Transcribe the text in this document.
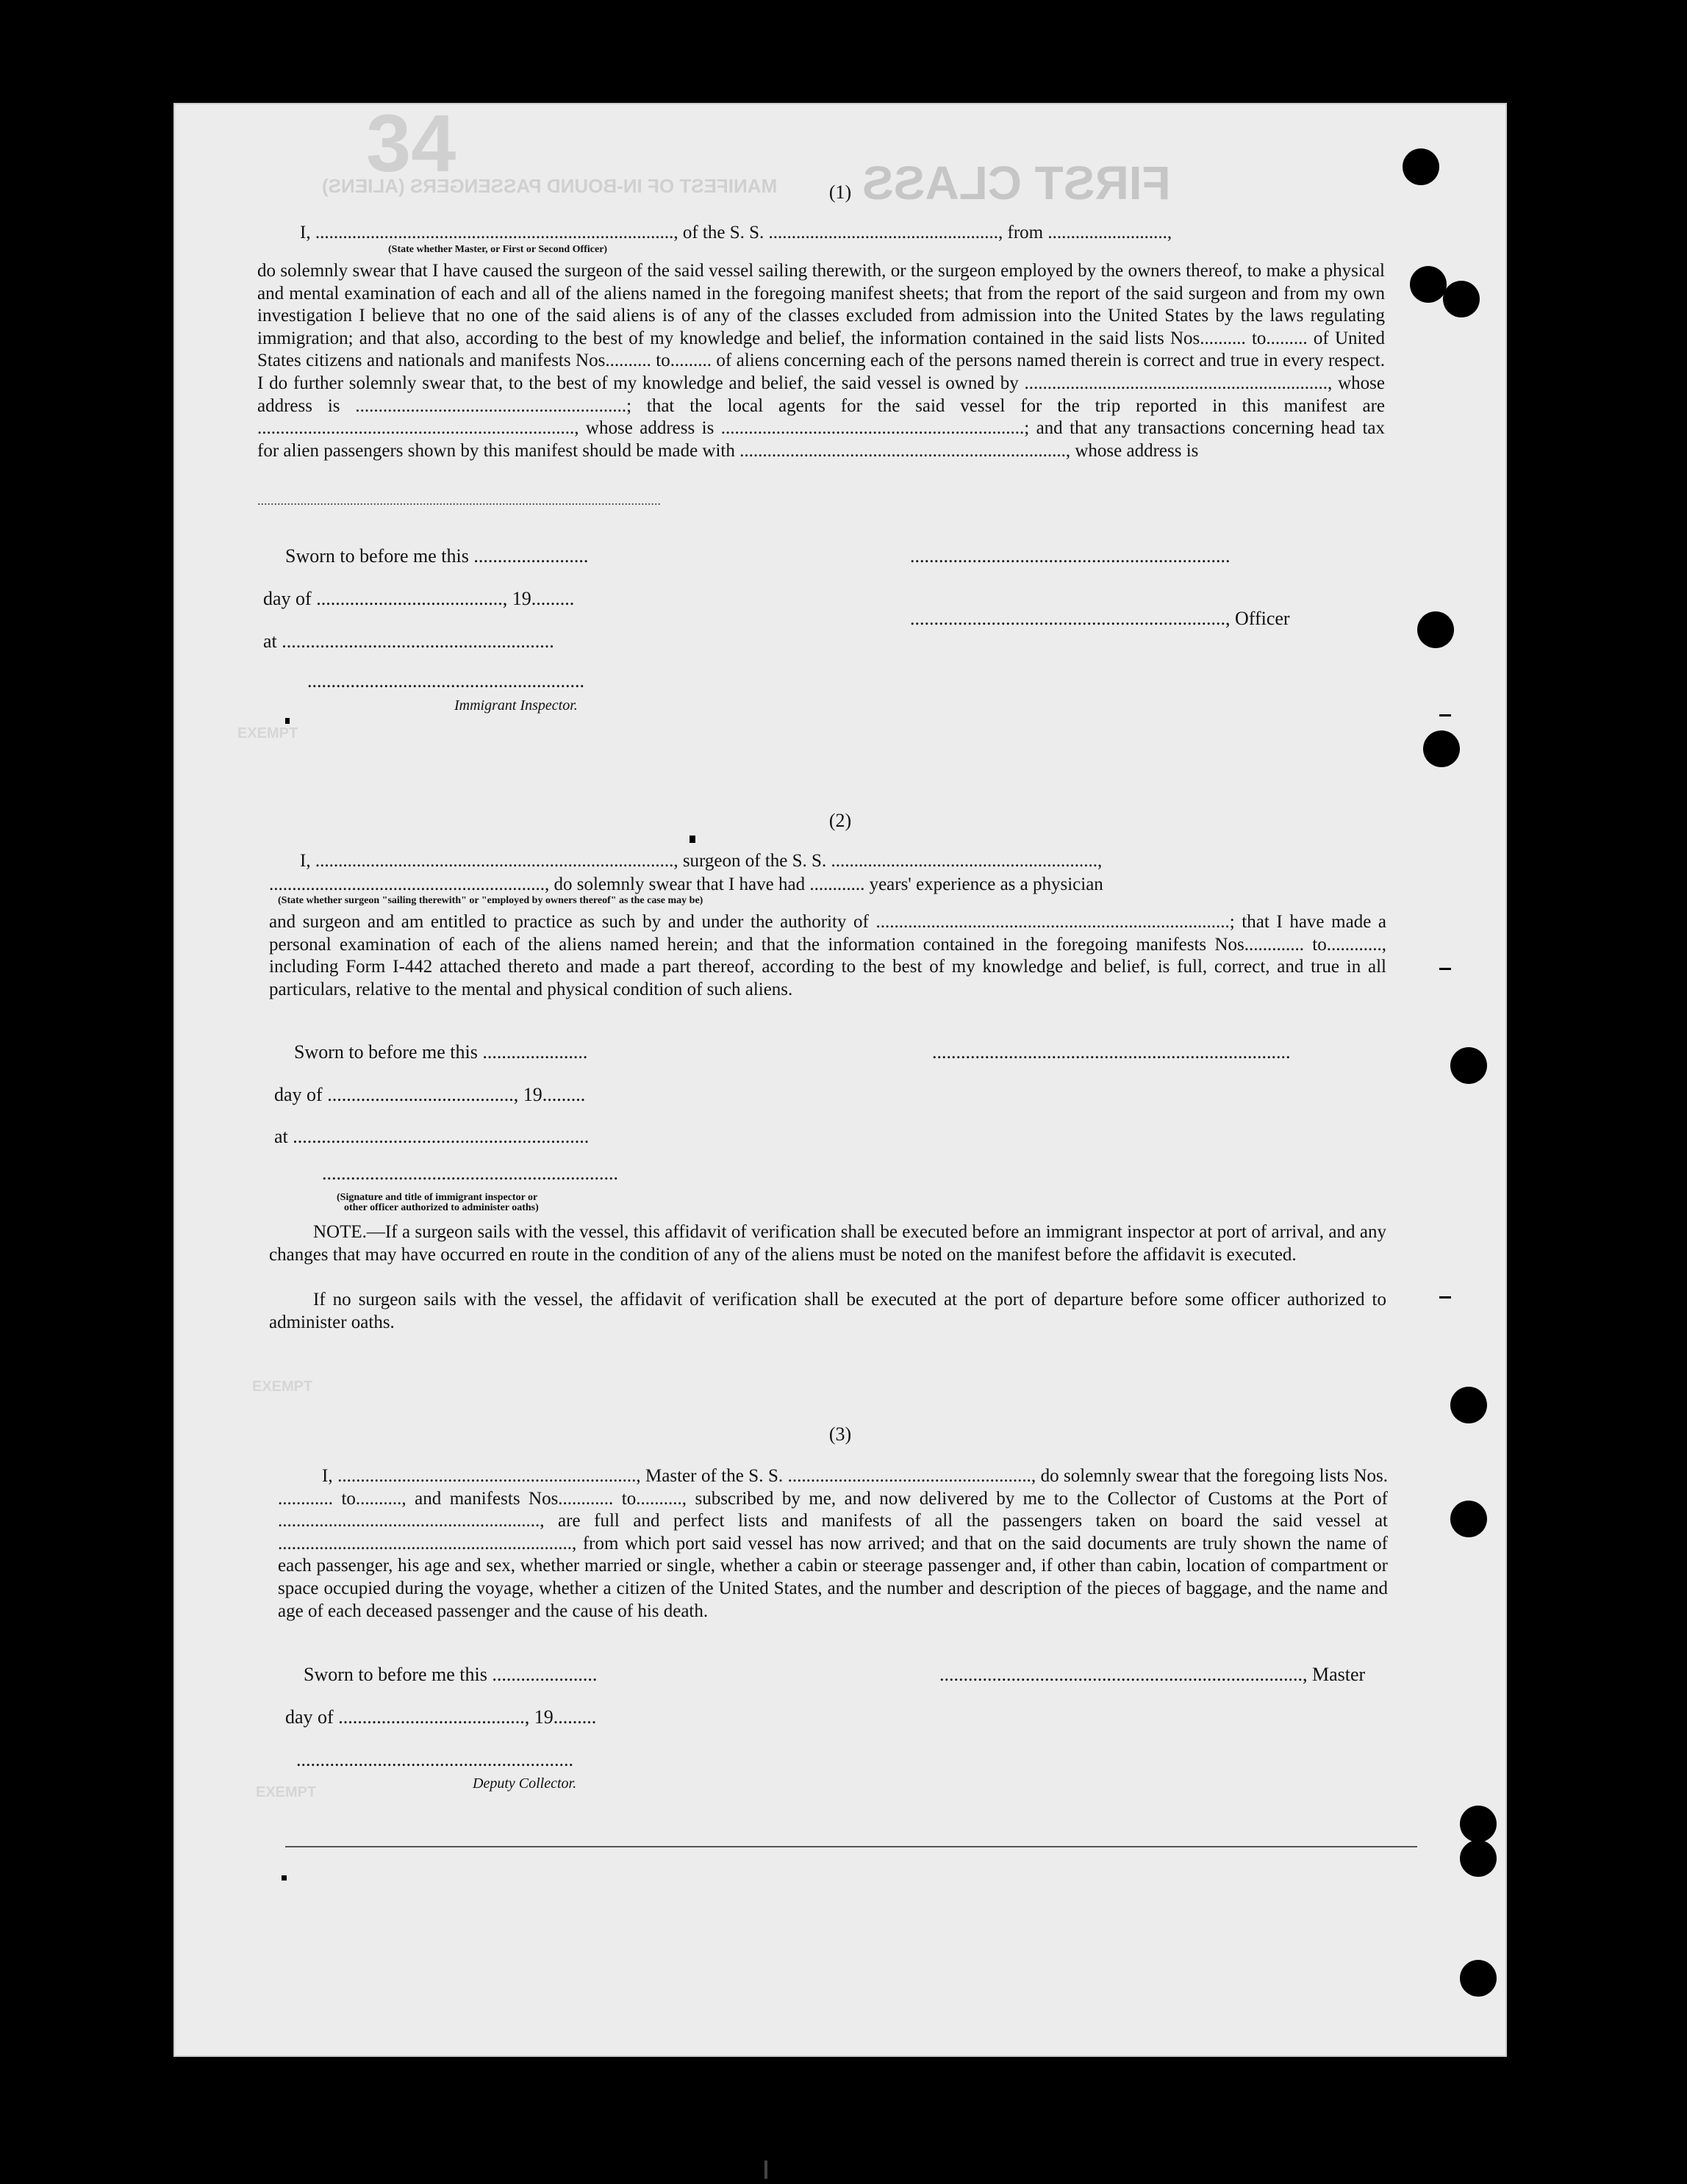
34	FIRST CLASS
MANIFEST OF IN-BOUND PASSENGERS (ALIENS)
EXEMPT
EXEMPT
EXEMPT
(1)
I, .............................................................................., of the S. S. .................................................., from ..........................,
(State whether Master, or First or Second Officer)
do solemnly swear that I have caused the surgeon of the said vessel sailing therewith, or the surgeon employed by the owners thereof, to make a physical and mental examination of each and all of the aliens named in the foregoing manifest sheets; that from the report of the said surgeon and from my own investigation I believe that no one of the said aliens is of any of the classes excluded from admission into the United States by the laws regulating immigration; and that also, according to the best of my knowledge and belief, the information contained in the said lists Nos.......... to......... of United States citizens and nationals and manifests Nos.......... to......... of aliens concerning each of the persons named therein is correct and true in every respect. I do further solemnly swear that, to the best of my knowledge and belief, the said vessel is owned by .................................................................., whose address is ...........................................................; that the local agents for the said vessel for the trip reported in this manifest are ....................................................................., whose address is ..................................................................; and that any transactions concerning head tax for alien passengers shown by this manifest should be made with ......................................................................., whose address is
..........................................................................................................................
Sworn to before me this ........................
day of ......................................., 19.........
at .........................................................
..........................................................
Immigrant Inspector.
...................................................................
.................................................................., Officer
(2)
I, .............................................................................., surgeon of the S. S. ..........................................................,
............................................................, do solemnly swear that I have had ............ years' experience as a physician
(State whether surgeon "sailing therewith" or "employed by owners thereof" as the case may be)
and surgeon and am entitled to practice as such by and under the authority of .............................................................................; that I have made a personal examination of each of the aliens named herein; and that the information contained in the foregoing manifests Nos............. to............, including Form I-442 attached thereto and made a part thereof, according to the best of my knowledge and belief, is full, correct, and true in all particulars, relative to the mental and physical condition of such aliens.
Sworn to before me this ......................	...........................................................................
day of ......................................., 19.........
at ..............................................................
..............................................................
(Signature and title of immigrant inspector or
other officer authorized to administer oaths)
NOTE.—If a surgeon sails with the vessel, this affidavit of verification shall be executed before an immigrant inspector at port of arrival, and any changes that may have occurred en route in the condition of any of the aliens must be noted on the manifest before the affidavit is executed.
If no surgeon sails with the vessel, the affidavit of verification shall be executed at the port of departure before some officer authorized to administer oaths.
(3)
I, ................................................................., Master of the S. S. ....................................................., do solemnly swear that the foregoing lists Nos. ............ to.........., and manifests Nos............ to.........., subscribed by me, and now delivered by me to the Collector of Customs at the Port of ........................................................., are full and perfect lists and manifests of all the passengers taken on board the said vessel at ................................................................, from which port said vessel has now arrived; and that on the said documents are truly shown the name of each passenger, his age and sex, whether married or single, whether a cabin or steerage passenger and, if other than cabin, location of compartment or space occupied during the voyage, whether a citizen of the United States, and the number and description of the pieces of baggage, and the name and age of each deceased passenger and the cause of his death.
Sworn to before me this ......................	............................................................................, Master
day of ......................................., 19.........
..........................................................
Deputy Collector.
